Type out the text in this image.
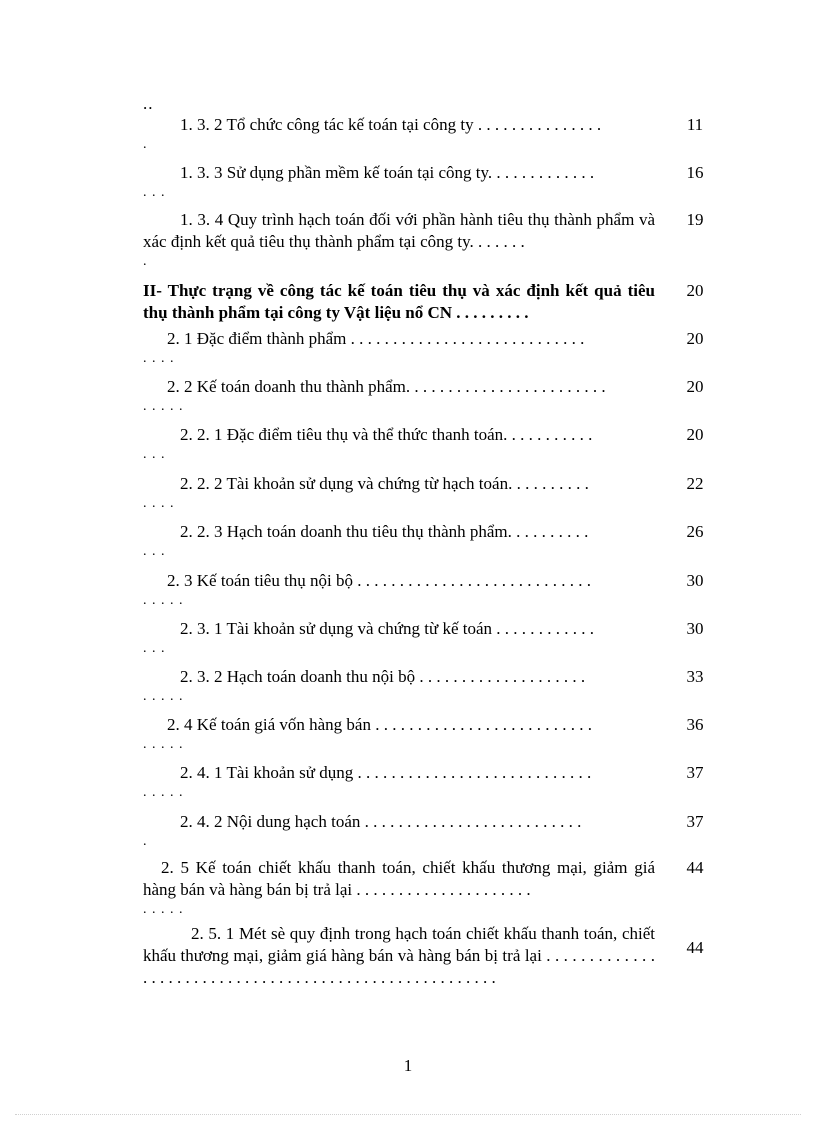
..
1. 3. 2 Tổ chức công tác kế toán tại công ty . . . . . . . . . . . . . . .
.
11
1. 3. 3 Sử dụng phần mềm kế toán tại công ty. . . . . . . . . . . . .
. . .
16
1. 3. 4 Quy trình hạch toán đối với phần hành tiêu thụ thành phẩm và xác định kết quả tiêu thụ thành phẩm tại công ty. . . . . . .
.
19
II- Thực trạng về công tác kế toán tiêu thụ và xác định kết quả tiêu thụ thành phẩm tại công ty Vật liệu nổ CN . . . . . . . . .
20
2. 1 Đặc điểm thành phẩm . . . . . . . . . . . . . . . . . . . . . . . . . . . .
. . . .
20
2. 2 Kế toán doanh thu thành phẩm. . . . . . . . . . . . . . . . . . . . . . . .
. . . . .
20
2. 2. 1 Đặc điểm tiêu thụ và thể thức thanh toán. . . . . . . . . . .
. . .
20
2. 2. 2 Tài khoản sử dụng và chứng từ hạch toán. . . . . . . . . .
. . . .
22
2. 2. 3 Hạch toán doanh thu tiêu thụ thành phẩm. . . . . . . . . .
. . .
26
2. 3 Kế toán tiêu thụ nội bộ . . . . . . . . . . . . . . . . . . . . . . . . . . . .
. . . . .
30
2. 3. 1 Tài khoản sử dụng và chứng từ kế toán . . . . . . . . . . . .
. . .
30
2. 3. 2 Hạch toán doanh thu nội bộ . . . . . . . . . . . . . . . . . . . .
. . . . .
33
2. 4 Kế toán giá vốn hàng bán . . . . . . . . . . . . . . . . . . . . . . . . . .
. . . . .
36
2. 4. 1 Tài khoản sử dụng . . . . . . . . . . . . . . . . . . . . . . . . . . . .
. . . . .
37
2. 4. 2 Nội dung hạch toán . . . . . . . . . . . . . . . . . . . . . . . . . .
.
37
2. 5 Kế toán chiết khấu thanh toán, chiết khấu thương mại, giảm giá hàng bán và hàng bán bị trả lại . . . . . . . . . . . . . . . . . . . . .
. . . . .
44
2. 5. 1 Mét sè quy định trong hạch toán chiết khấu thanh toán, chiết khấu thương mại, giảm giá hàng bán và hàng bán bị trả lại . . . . . . . . . . . . . . . . . . . . . . . . . . . . . . . . . . . . . . . . . . . . . . . . . . . . . . .
44
1
